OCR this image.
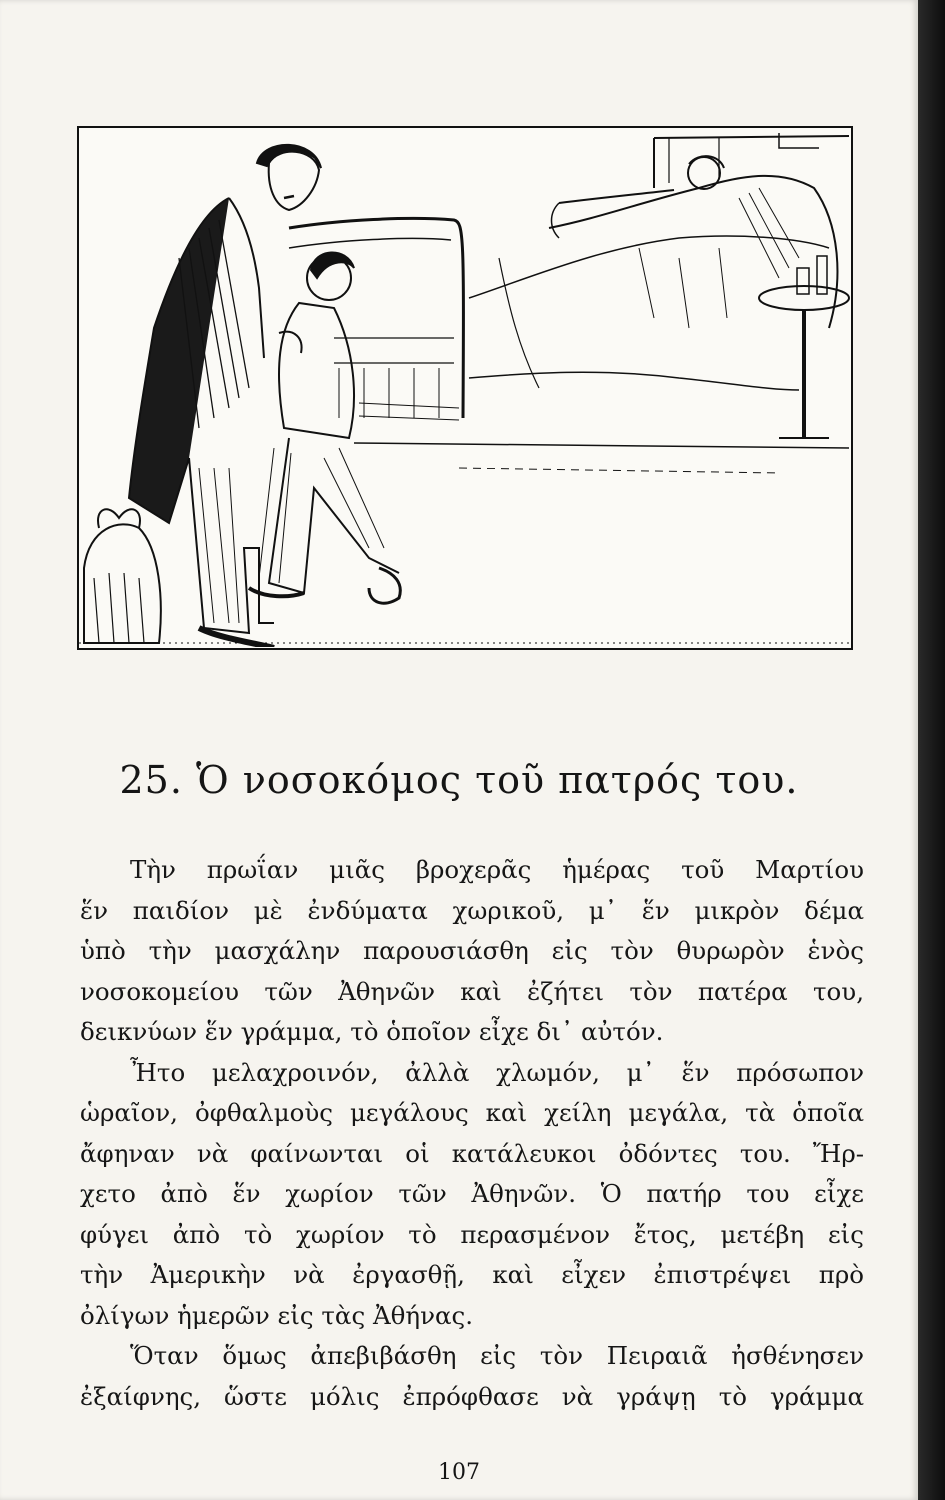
25. Ὁ νοσοκόμος τοῦ πατρός του.
Τὴν πρωΐαν μιᾶς βροχερᾶς ἡμέρας τοῦ Μαρτίου
ἕν παιδίον μὲ ἐνδύματα χωρικοῦ, μ᾽ ἕν μικρὸν δέμα
ὑπὸ τὴν μασχάλην παρουσιάσθη εἰς τὸν θυρωρὸν ἑνὸς
νοσοκομείου τῶν Ἀθηνῶν καὶ ἐζήτει τὸν πατέρα του,
δεικνύων ἕν γράμμα, τὸ ὁποῖον εἶχε δι᾽ αὐτόν.
Ἦτο μελαχροινόν, ἀλλὰ χλωμόν, μ᾽ ἕν πρόσωπον
ὡραῖον, ὀφθαλμοὺς μεγάλους καὶ χείλη μεγάλα, τὰ ὁποῖα
ἄφηναν νὰ φαίνωνται οἱ κατάλευκοι ὀδόντες του. Ἤρ-
χετο ἀπὸ ἕν χωρίον τῶν Ἀθηνῶν. Ὁ πατήρ του εἶχε
φύγει ἀπὸ τὸ χωρίον τὸ περασμένον ἔτος, μετέβη εἰς
τὴν Ἀμερικὴν νὰ ἐργασθῇ, καὶ εἶχεν ἐπιστρέψει πρὸ
ὀλίγων ἡμερῶν εἰς τὰς Ἀθήνας.
Ὅταν ὅμως ἀπεβιβάσθη εἰς τὸν Πειραιᾶ ἠσθένησεν
ἐξαίφνης, ὥστε μόλις ἐπρόφθασε νὰ γράψῃ τὸ γράμμα
107
